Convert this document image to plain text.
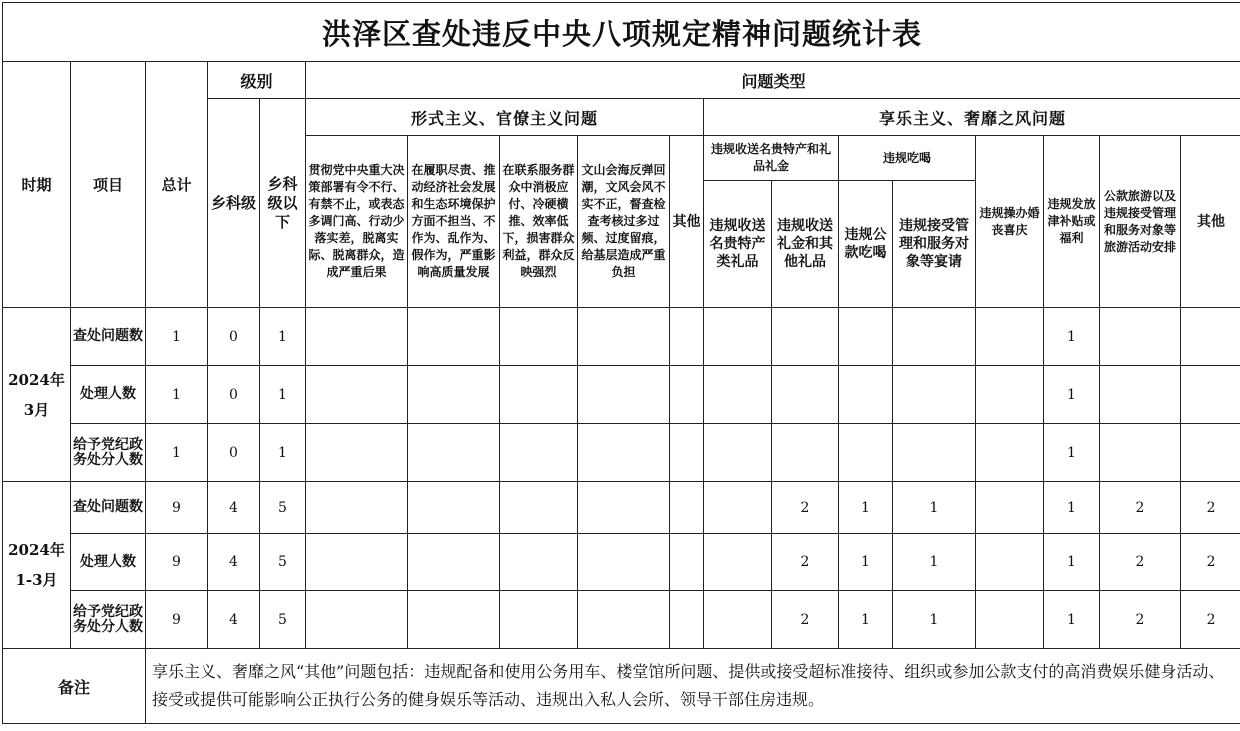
洪泽区查处违反中央八项规定精神问题统计表																	
时期	项目	总计	级别		问题类型												
			乡科级	乡科级以下	形式主义、官僚主义问题					享乐主义、奢靡之风问题							
					贯彻党中央重大决策部署有令不行、有禁不止，或表态多调门高、行动少落实差，脱离实际、脱离群众，造成严重后果	在履职尽责、推动经济社会发展和生态环境保护方面不担当、不作为、乱作为、假作为，严重影响高质量发展	在联系服务群众中消极应付、冷硬横推、效率低下，损害群众利益，群众反映强烈	文山会海反弹回潮，文风会风不实不正，督查检查考核过多过频、过度留痕，给基层造成严重负担	其他	违规收送名贵特产和礼品礼金		违规吃喝		违规操办婚丧喜庆	违规发放津补贴或福利	公款旅游以及违规接受管理和服务对象等旅游活动安排	其他
										违规收送名贵特产类礼品	违规收送礼金和其他礼品	违规公款吃喝	违规接受管理和服务对象等宴请				
2024年3月	查处问题数	1	0	1											1		
	处理人数	1	0	1											1		
	给予党纪政务处分人数	1	0	1											1		
2024年1-3月	查处问题数	9	4	5							2	1	1		1	2	2
	处理人数	9	4	5							2	1	1		1	2	2
	给予党纪政务处分人数	9	4	5							2	1	1		1	2	2
备注		享乐主义、奢靡之风“其他”问题包括：违规配备和使用公务用车、楼堂馆所问题、提供或接受超标准接待、组织或参加公款支付的高消费娱乐健身活动、接受或提供可能影响公正执行公务的健身娱乐等活动、违规出入私人会所、领导干部住房违规。															
